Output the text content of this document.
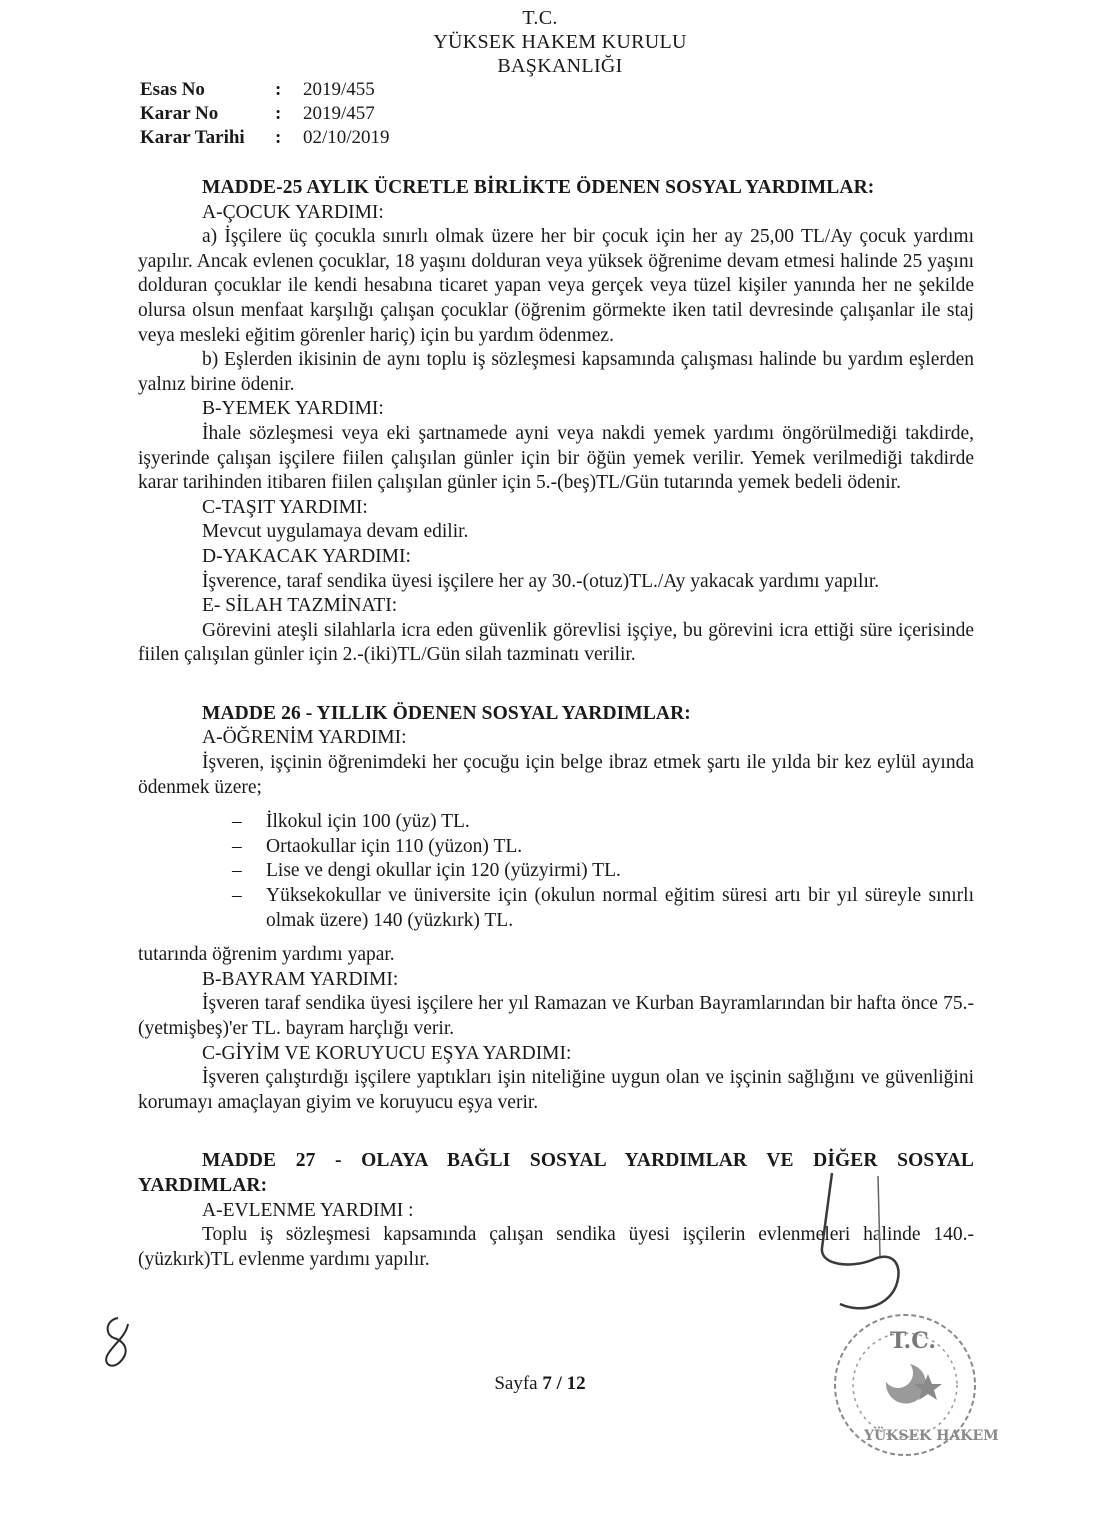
T.C.
YÜKSEK HAKEM KURULU
BAŞKANLIĞI
Esas No	:	2019/455
Karar No	:	2019/457
Karar Tarihi	:	02/10/2019
MADDE-25 AYLIK ÜCRETLE BİRLİKTE ÖDENEN SOSYAL YARDIMLAR:
A-ÇOCUK YARDIMI:
a) İşçilere üç çocukla sınırlı olmak üzere her bir çocuk için her ay 25,00 TL/Ay çocuk yardımı yapılır. Ancak evlenen çocuklar, 18 yaşını dolduran veya yüksek öğrenime devam etmesi halinde 25 yaşını dolduran çocuklar ile kendi hesabına ticaret yapan veya gerçek veya tüzel kişiler yanında her ne şekilde olursa olsun menfaat karşılığı çalışan çocuklar (öğrenim görmekte iken tatil devresinde çalışanlar ile staj veya mesleki eğitim görenler hariç) için bu yardım ödenmez.
b) Eşlerden ikisinin de aynı toplu iş sözleşmesi kapsamında çalışması halinde bu yardım eşlerden yalnız birine ödenir.
B-YEMEK YARDIMI:
İhale sözleşmesi veya eki şartnamede ayni veya nakdi yemek yardımı öngörülmediği takdirde, işyerinde çalışan işçilere fiilen çalışılan günler için bir öğün yemek verilir. Yemek verilmediği takdirde karar tarihinden itibaren fiilen çalışılan günler için 5.-(beş)TL/Gün tutarında yemek bedeli ödenir.
C-TAŞIT YARDIMI:
Mevcut uygulamaya devam edilir.
D-YAKACAK YARDIMI:
İşverence, taraf sendika üyesi işçilere her ay 30.-(otuz)TL./Ay yakacak yardımı yapılır.
E- SİLAH TAZMİNATI:
Görevini ateşli silahlarla icra eden güvenlik görevlisi işçiye, bu görevini icra ettiği süre içerisinde fiilen çalışılan günler için 2.-(iki)TL/Gün silah tazminatı verilir.
MADDE 26 - YILLIK ÖDENEN SOSYAL YARDIMLAR:
A-ÖĞRENİM YARDIMI:
İşveren, işçinin öğrenimdeki her çocuğu için belge ibraz etmek şartı ile yılda bir kez eylül ayında ödenmek üzere;
– İlkokul için 100 (yüz) TL.
– Ortaokullar için 110 (yüzon) TL.
– Lise ve dengi okullar için 120 (yüzyirmi) TL.
– Yüksekokullar ve üniversite için (okulun normal eğitim süresi artı bir yıl süreyle sınırlı olmak üzere) 140 (yüzkırk) TL.
tutarında öğrenim yardımı yapar.
B-BAYRAM YARDIMI:
İşveren taraf sendika üyesi işçilere her yıl Ramazan ve Kurban Bayramlarından bir hafta önce 75.-(yetmişbeş)'er TL. bayram harçlığı verir.
C-GİYİM VE KORUYUCU EŞYA YARDIMI:
İşveren çalıştırdığı işçilere yaptıkları işin niteliğine uygun olan ve işçinin sağlığını ve güvenliğini korumayı amaçlayan giyim ve koruyucu eşya verir.
MADDE 27 - OLAYA BAĞLI SOSYAL YARDIMLAR VE DİĞER SOSYAL YARDIMLAR:
A-EVLENME YARDIMI :
Toplu iş sözleşmesi kapsamında çalışan sendika üyesi işçilerin evlenmeleri halinde 140.-(yüzkırk)TL evlenme yardımı yapılır.
T.C.
YÜKSEK HAKEM
Sayfa 7 / 12
